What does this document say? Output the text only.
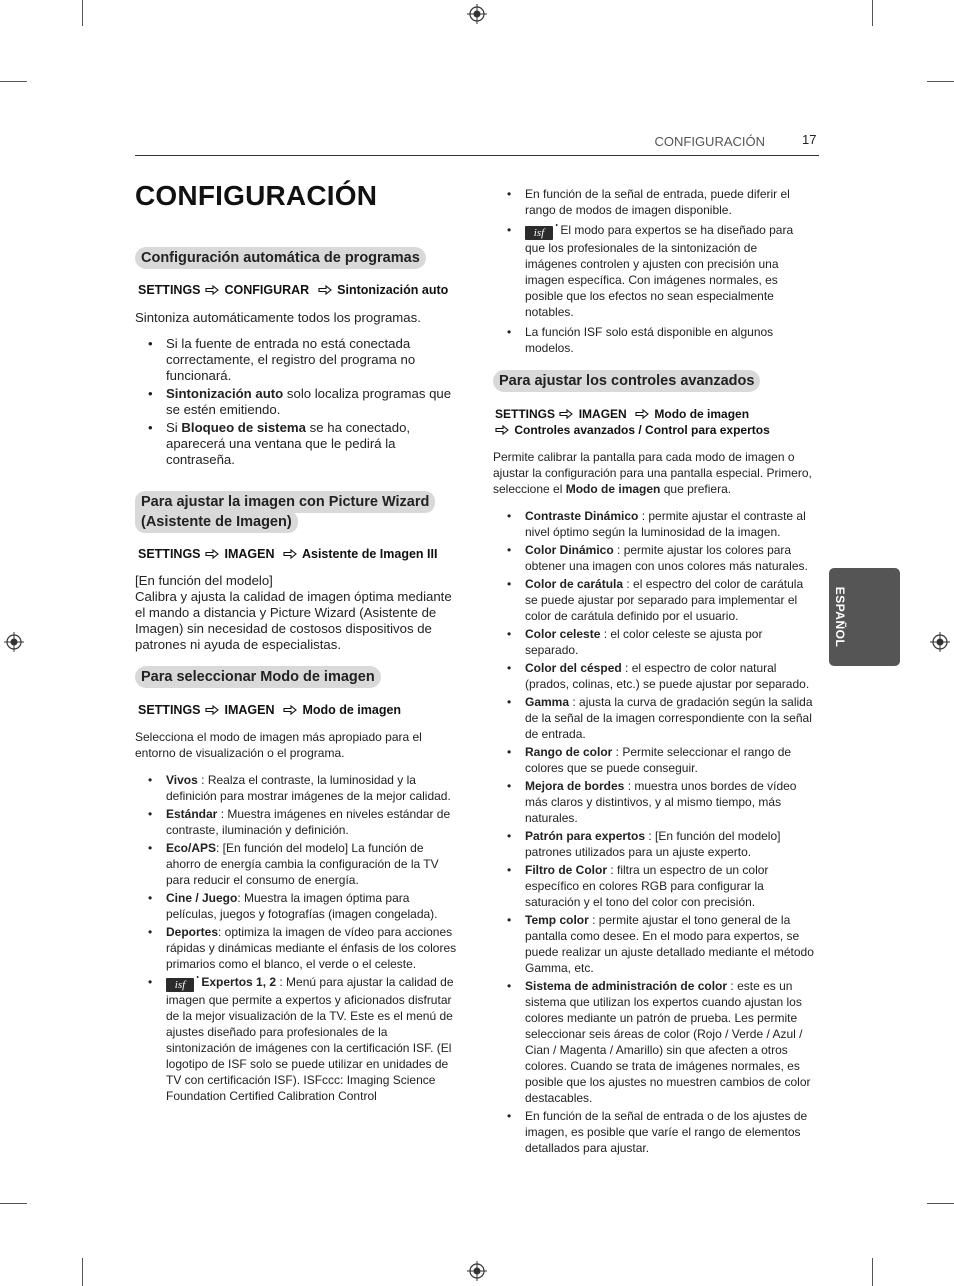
CONFIGURACIÓN	17
CONFIGURACIÓN
ESPAÑOL
Configuración automática de programas
SETTINGS CONFIGURAR Sintonización auto
Sintoniza automáticamente todos los programas.
• Si la fuente de entrada no está conectada correctamente, el registro del programa no funcionará.
• Sintonización auto solo localiza programas que se estén emitiendo.
• Si Bloqueo de sistema se ha conectado, aparecerá una ventana que le pedirá la contraseña.
Para ajustar la imagen con Picture Wizard
(Asistente de Imagen)
SETTINGS IMAGEN Asistente de Imagen III
[En función del modelo]
Calibra y ajusta la calidad de imagen óptima mediante el mando a distancia y Picture Wizard (Asistente de Imagen) sin necesidad de costosos dispositivos de patrones ni ayuda de especialistas.
Para seleccionar Modo de imagen
SETTINGS IMAGEN Modo de imagen
Selecciona el modo de imagen más apropiado para el entorno de visualización o el programa.
• Vivos : Realza el contraste, la luminosidad y la definición para mostrar imágenes de la mejor calidad.
• Estándar : Muestra imágenes en niveles estándar de contraste, iluminación y definición.
• Eco/APS: [En función del modelo] La función de ahorro de energía cambia la configuración de la TV para reducir el consumo de energía.
• Cine / Juego: Muestra la imagen óptima para películas, juegos y fotografías (imagen congelada).
• Deportes: optimiza la imagen de vídeo para acciones rápidas y dinámicas mediante el énfasis de los colores primarios como el blanco, el verde o el celeste.
• isf • Expertos 1, 2 : Menú para ajustar la calidad de imagen que permite a expertos y aficionados disfrutar de la mejor visualización de la TV. Este es el menú de ajustes diseñado para profesionales de la sintonización de imágenes con la certificación ISF. (El logotipo de ISF solo se puede utilizar en unidades de TV con certificación ISF). ISFccc: Imaging Science Foundation Certified Calibration Control
• En función de la señal de entrada, puede diferir el rango de modos de imagen disponible.
• isf • El modo para expertos se ha diseñado para que los profesionales de la sintonización de imágenes controlen y ajusten con precisión una imagen específica. Con imágenes normales, es posible que los efectos no sean especialmente notables.
• La función ISF solo está disponible en algunos modelos.
Para ajustar los controles avanzados
SETTINGS IMAGEN Modo de imagen
Controles avanzados / Control para expertos
Permite calibrar la pantalla para cada modo de imagen o ajustar la configuración para una pantalla especial. Primero, seleccione el Modo de imagen que prefiera.
• Contraste Dinámico : permite ajustar el contraste al nivel óptimo según la luminosidad de la imagen.
• Color Dinámico : permite ajustar los colores para obtener una imagen con unos colores más naturales.
• Color de carátula : el espectro del color de carátula se puede ajustar por separado para implementar el color de carátula definido por el usuario.
• Color celeste : el color celeste se ajusta por separado.
• Color del césped : el espectro de color natural (prados, colinas, etc.) se puede ajustar por separado.
• Gamma : ajusta la curva de gradación según la salida de la señal de la imagen correspondiente con la señal de entrada.
• Rango de color : Permite seleccionar el rango de colores que se puede conseguir.
• Mejora de bordes : muestra unos bordes de vídeo más claros y distintivos, y al mismo tiempo, más naturales.
• Patrón para expertos : [En función del modelo] patrones utilizados para un ajuste experto.
• Filtro de Color : filtra un espectro de un color específico en colores RGB para configurar la saturación y el tono del color con precisión.
• Temp color : permite ajustar el tono general de la pantalla como desee. En el modo para expertos, se puede realizar un ajuste detallado mediante el método Gamma, etc.
• Sistema de administración de color : este es un sistema que utilizan los expertos cuando ajustan los colores mediante un patrón de prueba. Les permite seleccionar seis áreas de color (Rojo / Verde / Azul / Cian / Magenta / Amarillo) sin que afecten a otros colores. Cuando se trata de imágenes normales, es posible que los ajustes no muestren cambios de color destacables.
• En función de la señal de entrada o de los ajustes de imagen, es posible que varíe el rango de elementos detallados para ajustar.
